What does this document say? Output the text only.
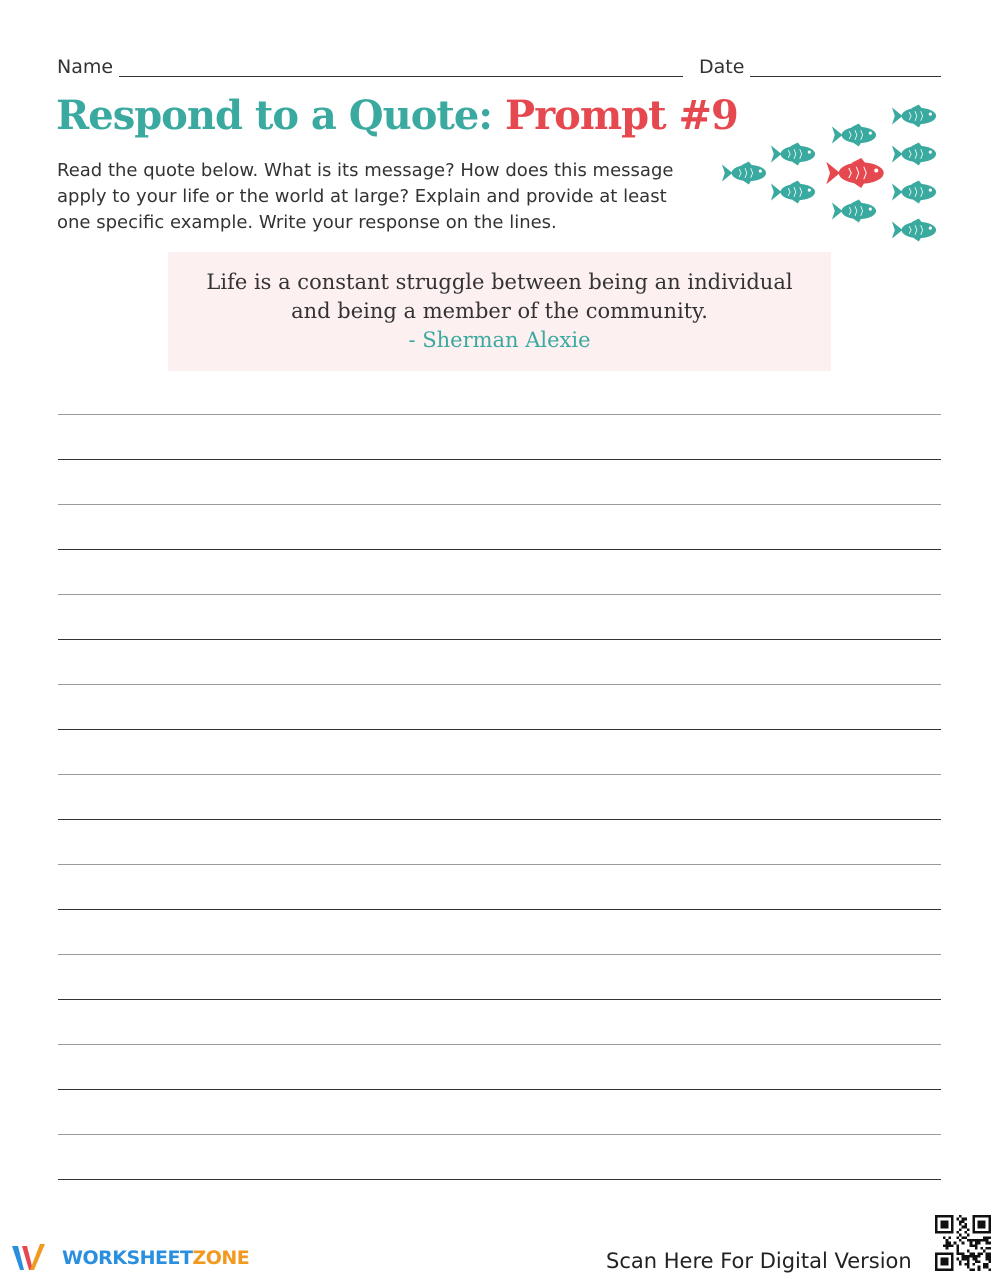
Name	Date
Respond to a Quote: Prompt #9
Read the quote below. What is its message? How does this message
apply to your life or the world at large? Explain and provide at least
one specific example. Write your response on the lines.
Life is a constant struggle between being an individual
and being a member of the community.
- Sherman Alexie
WORKSHEETZONE	Scan Here For Digital Version
